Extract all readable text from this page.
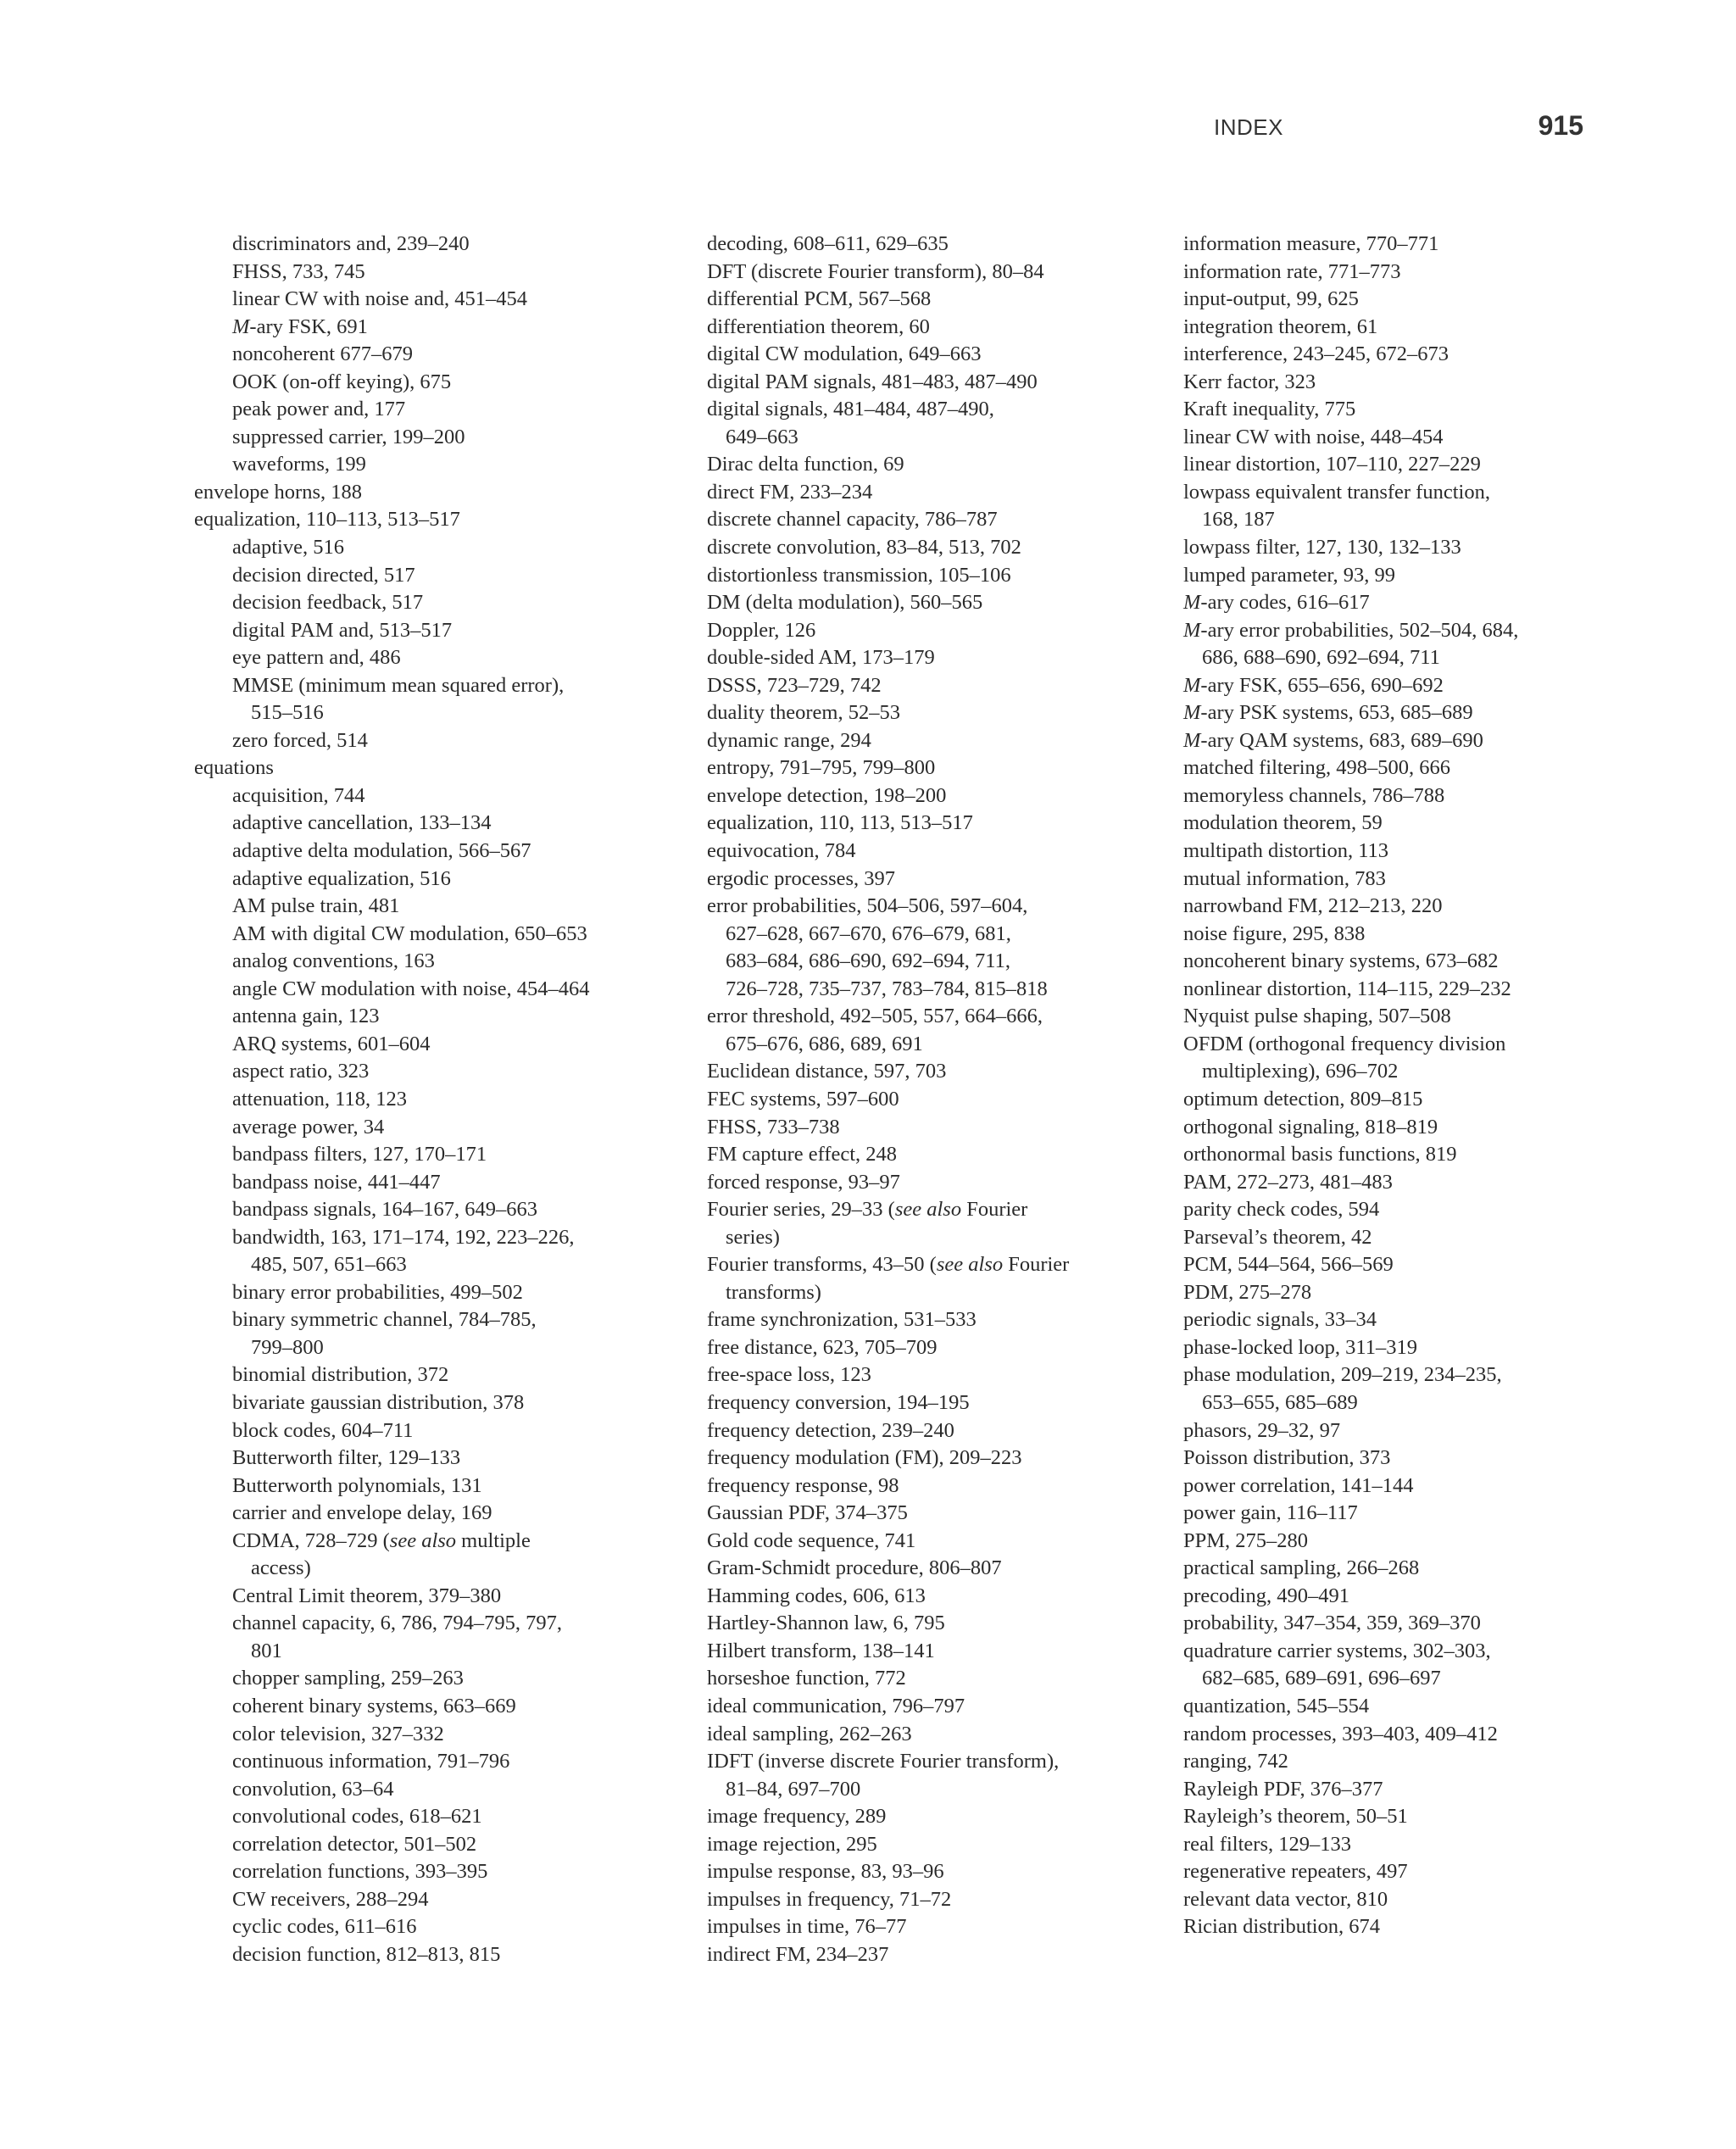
INDEX	915
discriminators and, 239–240
FHSS, 733, 745
linear CW with noise and, 451–454
M-ary FSK, 691
noncoherent 677–679
OOK (on-off keying), 675
peak power and, 177
suppressed carrier, 199–200
waveforms, 199
envelope horns, 188
equalization, 110–113, 513–517
adaptive, 516
decision directed, 517
decision feedback, 517
digital PAM and, 513–517
eye pattern and, 486
MMSE (minimum mean squared error),
515–516
zero forced, 514
equations
acquisition, 744
adaptive cancellation, 133–134
adaptive delta modulation, 566–567
adaptive equalization, 516
AM pulse train, 481
AM with digital CW modulation, 650–653
analog conventions, 163
angle CW modulation with noise, 454–464
antenna gain, 123
ARQ systems, 601–604
aspect ratio, 323
attenuation, 118, 123
average power, 34
bandpass filters, 127, 170–171
bandpass noise, 441–447
bandpass signals, 164–167, 649–663
bandwidth, 163, 171–174, 192, 223–226,
485, 507, 651–663
binary error probabilities, 499–502
binary symmetric channel, 784–785,
799–800
binomial distribution, 372
bivariate gaussian distribution, 378
block codes, 604–711
Butterworth filter, 129–133
Butterworth polynomials, 131
carrier and envelope delay, 169
CDMA, 728–729 (see also multiple
access)
Central Limit theorem, 379–380
channel capacity, 6, 786, 794–795, 797,
801
chopper sampling, 259–263
coherent binary systems, 663–669
color television, 327–332
continuous information, 791–796
convolution, 63–64
convolutional codes, 618–621
correlation detector, 501–502
correlation functions, 393–395
CW receivers, 288–294
cyclic codes, 611–616
decision function, 812–813, 815
decoding, 608–611, 629–635
DFT (discrete Fourier transform), 80–84
differential PCM, 567–568
differentiation theorem, 60
digital CW modulation, 649–663
digital PAM signals, 481–483, 487–490
digital signals, 481–484, 487–490,
649–663
Dirac delta function, 69
direct FM, 233–234
discrete channel capacity, 786–787
discrete convolution, 83–84, 513, 702
distortionless transmission, 105–106
DM (delta modulation), 560–565
Doppler, 126
double-sided AM, 173–179
DSSS, 723–729, 742
duality theorem, 52–53
dynamic range, 294
entropy, 791–795, 799–800
envelope detection, 198–200
equalization, 110, 113, 513–517
equivocation, 784
ergodic processes, 397
error probabilities, 504–506, 597–604,
627–628, 667–670, 676–679, 681,
683–684, 686–690, 692–694, 711,
726–728, 735–737, 783–784, 815–818
error threshold, 492–505, 557, 664–666,
675–676, 686, 689, 691
Euclidean distance, 597, 703
FEC systems, 597–600
FHSS, 733–738
FM capture effect, 248
forced response, 93–97
Fourier series, 29–33 (see also Fourier
series)
Fourier transforms, 43–50 (see also Fourier
transforms)
frame synchronization, 531–533
free distance, 623, 705–709
free-space loss, 123
frequency conversion, 194–195
frequency detection, 239–240
frequency modulation (FM), 209–223
frequency response, 98
Gaussian PDF, 374–375
Gold code sequence, 741
Gram-Schmidt procedure, 806–807
Hamming codes, 606, 613
Hartley-Shannon law, 6, 795
Hilbert transform, 138–141
horseshoe function, 772
ideal communication, 796–797
ideal sampling, 262–263
IDFT (inverse discrete Fourier transform),
81–84, 697–700
image frequency, 289
image rejection, 295
impulse response, 83, 93–96
impulses in frequency, 71–72
impulses in time, 76–77
indirect FM, 234–237
information measure, 770–771
information rate, 771–773
input-output, 99, 625
integration theorem, 61
interference, 243–245, 672–673
Kerr factor, 323
Kraft inequality, 775
linear CW with noise, 448–454
linear distortion, 107–110, 227–229
lowpass equivalent transfer function,
168, 187
lowpass filter, 127, 130, 132–133
lumped parameter, 93, 99
M-ary codes, 616–617
M-ary error probabilities, 502–504, 684,
686, 688–690, 692–694, 711
M-ary FSK, 655–656, 690–692
M-ary PSK systems, 653, 685–689
M-ary QAM systems, 683, 689–690
matched filtering, 498–500, 666
memoryless channels, 786–788
modulation theorem, 59
multipath distortion, 113
mutual information, 783
narrowband FM, 212–213, 220
noise figure, 295, 838
noncoherent binary systems, 673–682
nonlinear distortion, 114–115, 229–232
Nyquist pulse shaping, 507–508
OFDM (orthogonal frequency division
multiplexing), 696–702
optimum detection, 809–815
orthogonal signaling, 818–819
orthonormal basis functions, 819
PAM, 272–273, 481–483
parity check codes, 594
Parseval’s theorem, 42
PCM, 544–564, 566–569
PDM, 275–278
periodic signals, 33–34
phase-locked loop, 311–319
phase modulation, 209–219, 234–235,
653–655, 685–689
phasors, 29–32, 97
Poisson distribution, 373
power correlation, 141–144
power gain, 116–117
PPM, 275–280
practical sampling, 266–268
precoding, 490–491
probability, 347–354, 359, 369–370
quadrature carrier systems, 302–303,
682–685, 689–691, 696–697
quantization, 545–554
random processes, 393–403, 409–412
ranging, 742
Rayleigh PDF, 376–377
Rayleigh’s theorem, 50–51
real filters, 129–133
regenerative repeaters, 497
relevant data vector, 810
Rician distribution, 674
